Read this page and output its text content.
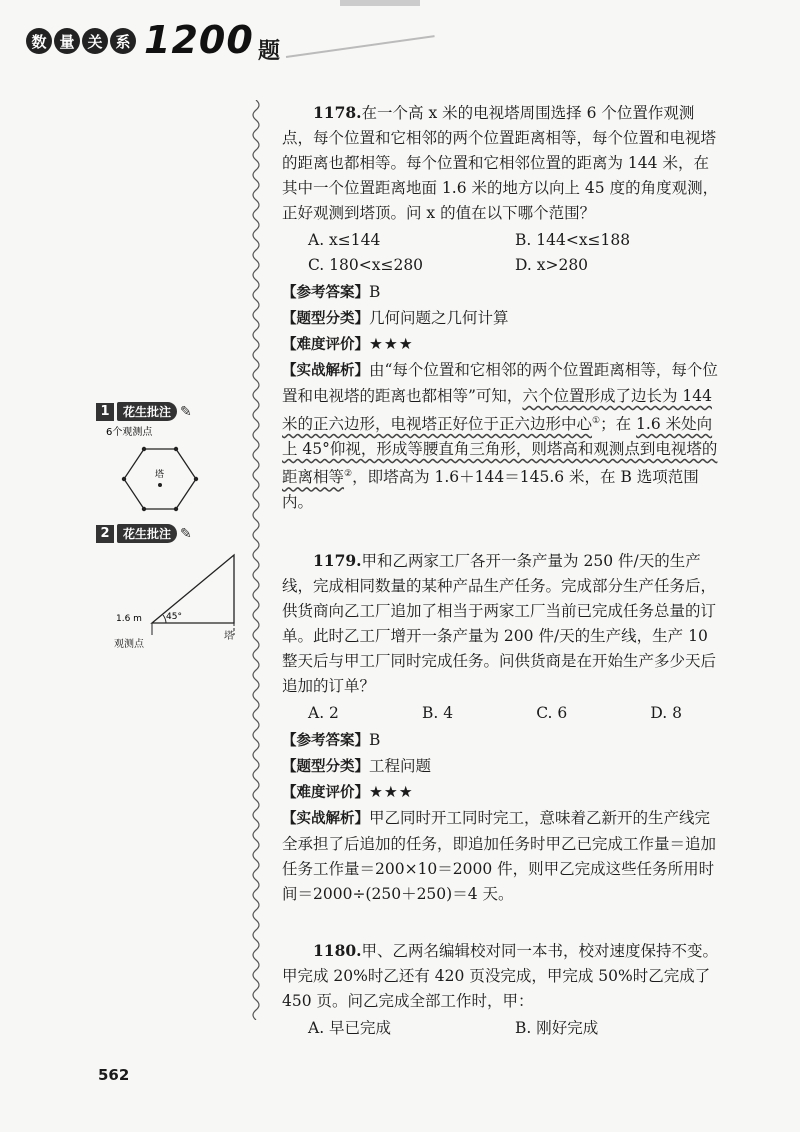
数 量 关 系 1200 题
1	花生批注 ✎
6个观测点
塔
2	花生批注 ✎
45°
1.6 m
观测点
塔

1178.在一个高 x 米的电视塔周围选择 6 个位置作观测点，每个位置和它相邻的两个位置距离相等，每个位置和电视塔的距离也都相等。每个位置和它相邻位置的距离为 144 米，在其中一个位置距离地面 1.6 米的地方以向上 45 度的角度观测，正好观测到塔顶。问 x 的值在以下哪个范围？

A. x≤144	B. 144<x≤188
C. 180<x≤280	D. x>280

【参考答案】B

【题型分类】几何问题之几何计算

【难度评价】★★★

【实战解析】由“每个位置和它相邻的两个位置距离相等，每个位置和电视塔的距离也都相等”可知，六个位置形成了边长为 144 米的正六边形，电视塔正好位于正六边形中心①；在 1.6 米处向上 45°仰视，形成等腰直角三角形，则塔高和观测点到电视塔的距离相等②，即塔高为 1.6＋144＝145.6 米，在 B 选项范围内。

1179.甲和乙两家工厂各开一条产量为 250 件/天的生产线，完成相同数量的某种产品生产任务。完成部分生产任务后，供货商向乙工厂追加了相当于两家工厂当前已完成任务总量的订单。此时乙工厂增开一条产量为 200 件/天的生产线，生产 10 整天后与甲工厂同时完成任务。问供货商是在开始生产多少天后追加的订单？

A. 2	B. 4	C. 6	D. 8

【参考答案】B

【题型分类】工程问题

【难度评价】★★★

【实战解析】甲乙同时开工同时完工，意味着乙新开的生产线完全承担了后追加的任务，即追加任务时甲乙已完成工作量＝追加任务工作量＝200×10＝2000 件，则甲乙完成这些任务所用时间＝2000÷(250＋250)＝4 天。

1180.甲、乙两名编辑校对同一本书，校对速度保持不变。甲完成 20%时乙还有 420 页没完成，甲完成 50%时乙完成了 450 页。问乙完成全部工作时，甲：

A. 早已完成	B. 刚好完成
562
